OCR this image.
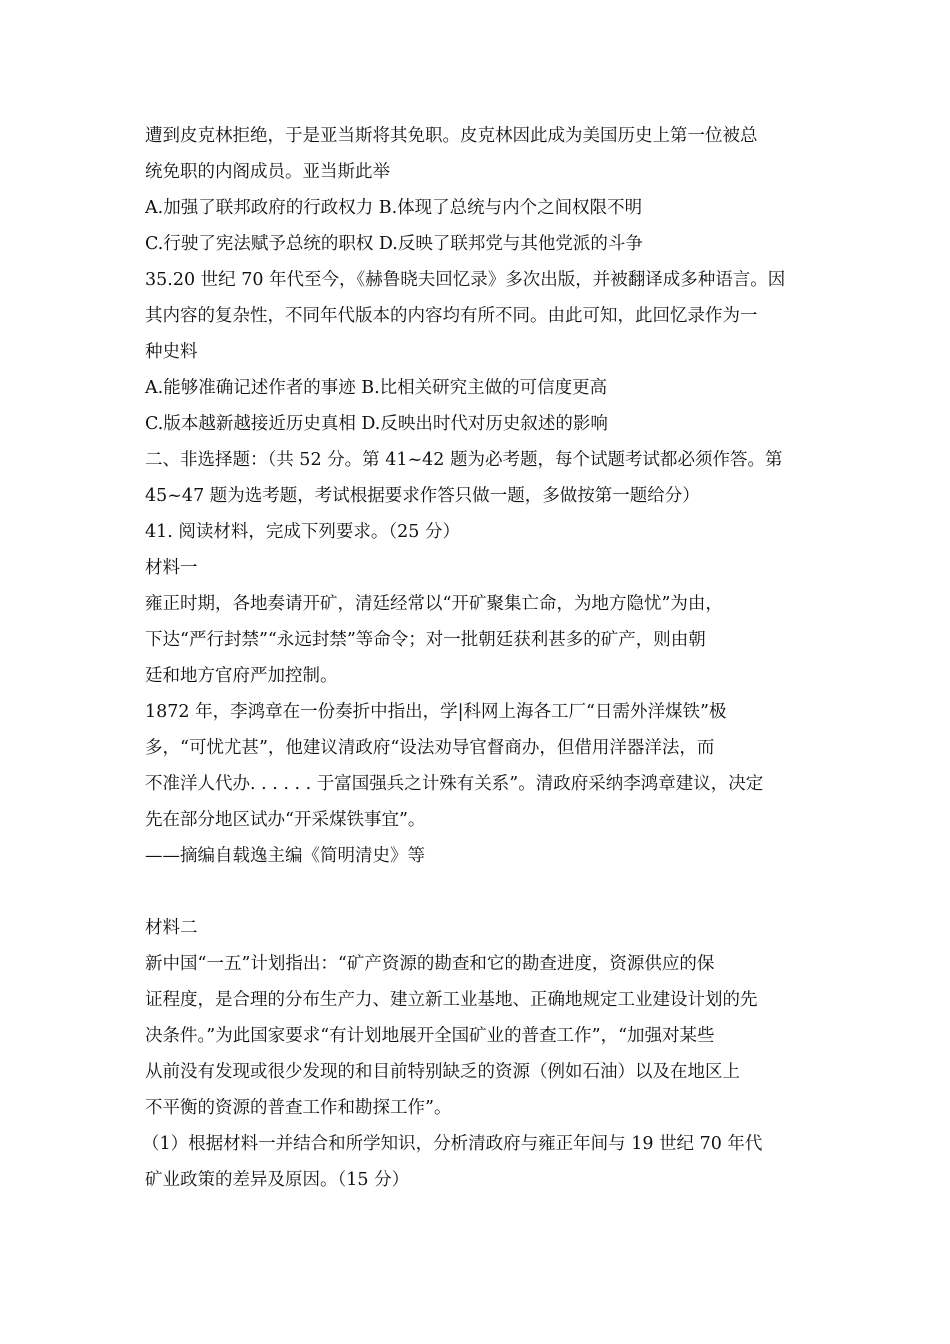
遭到皮克林拒绝，于是亚当斯将其免职。皮克林因此成为美国历史上第一位被总
统免职的内阁成员。亚当斯此举
A.加强了联邦政府的行政权力 B.体现了总统与内个之间权限不明
C.行驶了宪法赋予总统的职权 D.反映了联邦党与其他党派的斗争
35.20 世纪 70 年代至今，《赫鲁晓夫回忆录》多次出版，并被翻译成多种语言。因
其内容的复杂性，不同年代版本的内容均有所不同。由此可知，此回忆录作为一
种史料
A.能够准确记述作者的事迹 B.比相关研究主做的可信度更高
C.版本越新越接近历史真相 D.反映出时代对历史叙述的影响
二、非选择题：（共 52 分。第 41~42 题为必考题，每个试题考试都必须作答。第
45~47 题为选考题，考试根据要求作答只做一题，多做按第一题给分）
41. 阅读材料，完成下列要求。（25 分）
材料一
雍正时期，各地奏请开矿，清廷经常以“开矿聚集亡命，为地方隐忧”为由，
下达“严行封禁”“永远封禁”等命令；对一批朝廷获利甚多的矿产，则由朝
廷和地方官府严加控制。
1872 年，李鸿章在一份奏折中指出，学|科网上海各工厂“日需外洋煤铁”极
多，“可忧尤甚”，他建议清政府“设法劝导官督商办，但借用洋器洋法，而
不准洋人代办. . . . . . 于富国强兵之计殊有关系”。清政府采纳李鸿章建议，决定
先在部分地区试办“开采煤铁事宜”。
——摘编自载逸主编《简明清史》等
材料二
新中国“一五”计划指出：“矿产资源的勘查和它的勘查进度，资源供应的保
证程度，是合理的分布生产力、建立新工业基地、正确地规定工业建设计划的先
决条件。”为此国家要求“有计划地展开全国矿业的普查工作”，“加强对某些
从前没有发现或很少发现的和目前特别缺乏的资源（例如石油）以及在地区上
不平衡的资源的普查工作和勘探工作”。
（1）根据材料一并结合和所学知识，分析清政府与雍正年间与 19 世纪 70 年代
矿业政策的差异及原因。（15 分）
